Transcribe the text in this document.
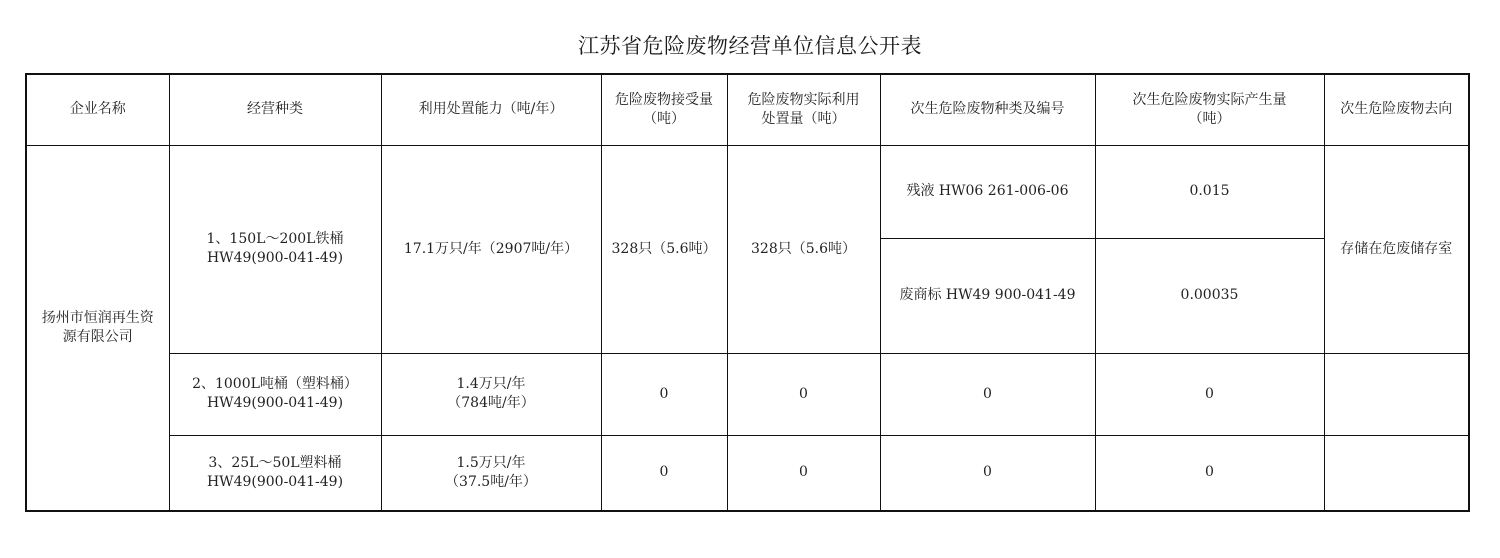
江苏省危险废物经营单位信息公开表
企业名称	经营种类	利用处置能力（吨/年）	危险废物接受量
（吨）	危险废物实际利用
处置量（吨）	次生危险废物种类及编号	次生危险废物实际产生量
（吨）	次生危险废物去向

扬州市恒润再生资
源有限公司	1、150L～200L铁桶
HW49(900-041-49)	17.1万只/年（2907吨/年）	328只（5.6吨）	328只（5.6吨）	残液 HW06 261-006-06	0.015	存储在危废储存室
					废商标 HW49 900-041-49	0.00035	

	2、1000L吨桶（塑料桶）
HW49(900-041-49)	1.4万只/年
（784吨/年）	0	0	0	0	

	3、25L～50L塑料桶
HW49(900-041-49)	1.5万只/年
（37.5吨/年）	0	0	0	0	
